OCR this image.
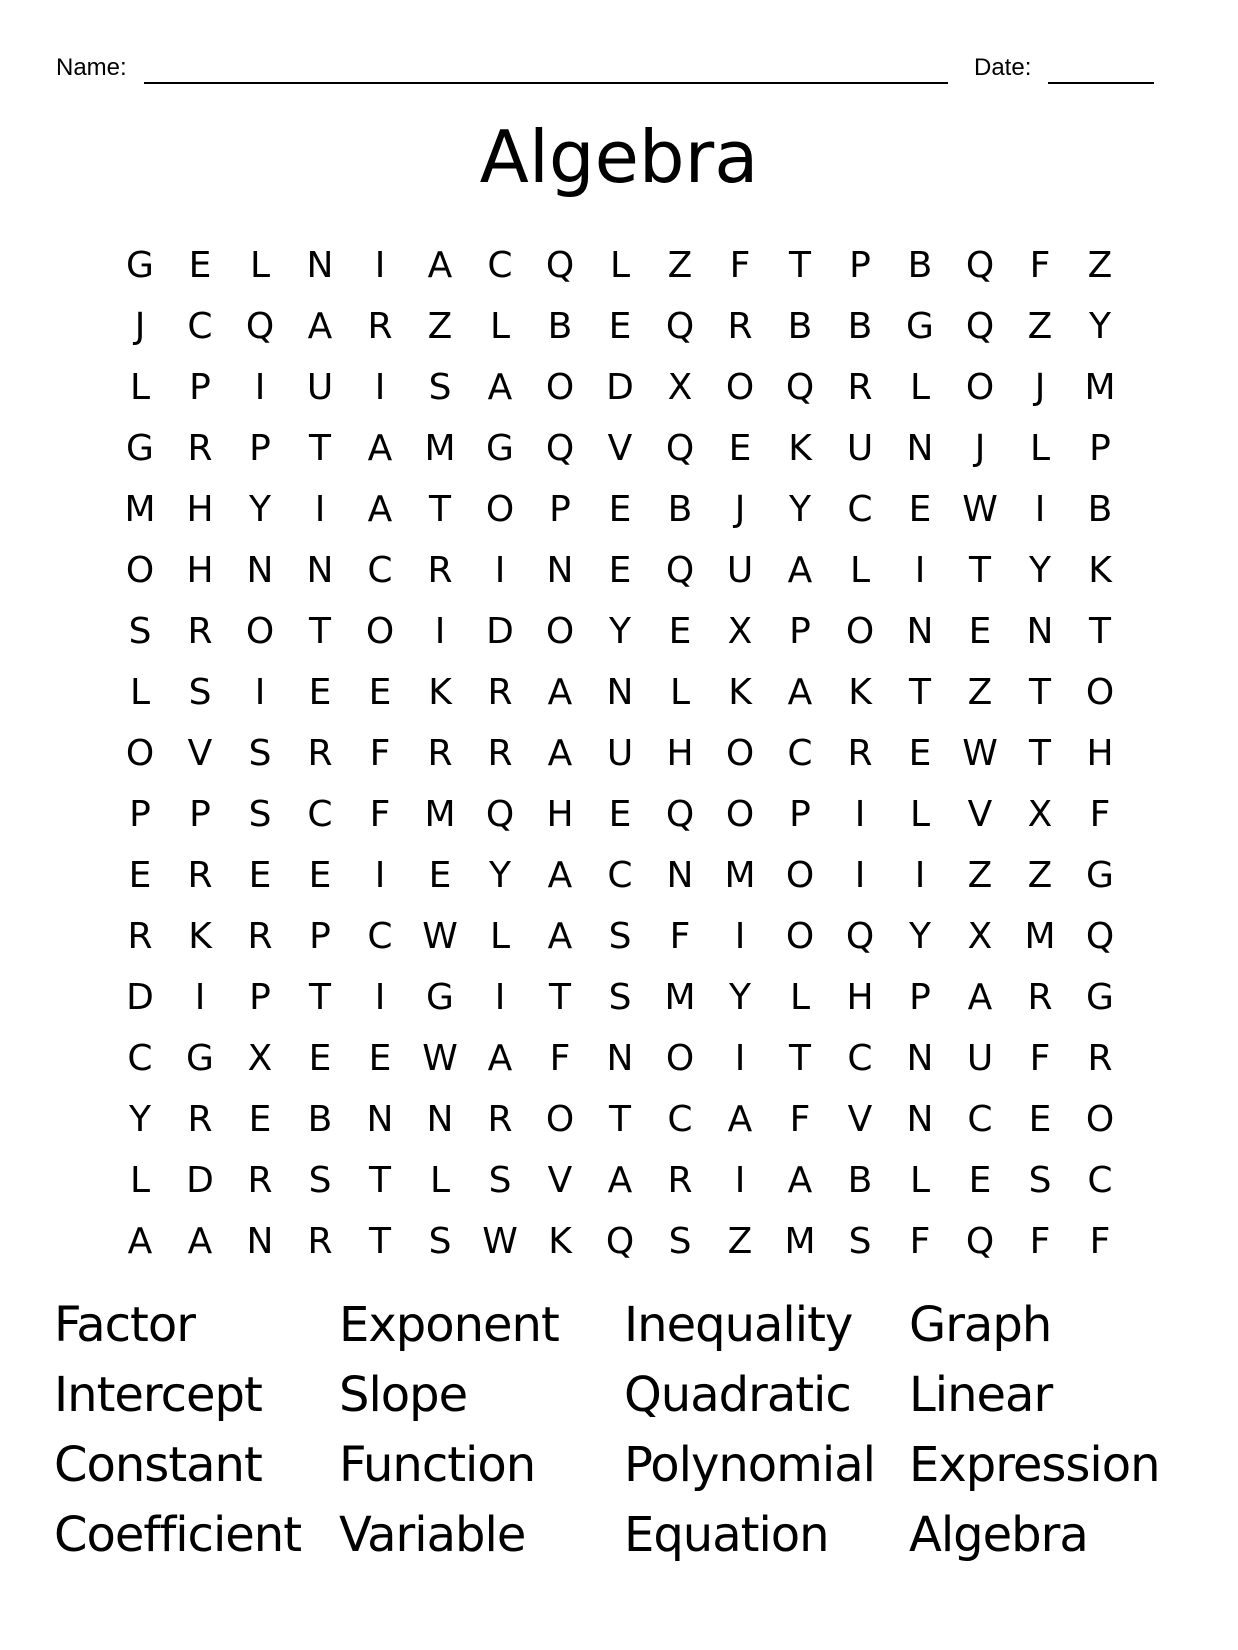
Name:	Date:
Algebra
G E	L	N	I	A C Q L	Z	F	T	P	B Q F	Z
J	C Q A R Z	L	B	E Q R B B G Q Z	Y
L	P	I	U	I	S	A O D X O Q R	L O	J	M
G R	P	T	A M G Q V Q E	K U N	J	L	P
M H Y	I	A	T O P	E	B	J	Y	C	E W	I	B
O H N N C R	I	N E Q U A	L	I	T	Y	K
S	R O T O	I	D O Y	E	X	P O N E N T
L	S	I	E	E	K R A N	L	K A K	T	Z	T O
O V	S	R	F	R R A U H O C R	E W T H
P	P	S	C	F M Q H E Q O P	I	L	V X	F
E	R	E	E	I	E	Y	A C N M O	I	I	Z Z G
R K R	P	C W L	A	S	F	I	O Q Y	X M Q
D	I	P	T	I	G	I	T	S M Y	L	H P	A R G
C G X	E	E W A	F	N O	I	T	C N U	F	R
Y	R	E	B N N R O T	C A	F	V N C	E O
L	D R	S	T	L	S	V A R	I	A B	L	E	S	C
A A N R	T	S W K Q S	Z M S	F Q F	F
Factor	Exponent	Inequality	Graph
Intercept	Slope	Quadratic	Linear
Constant	Function	Polynomial Expression
Coefficient Variable	Equation	Algebra
